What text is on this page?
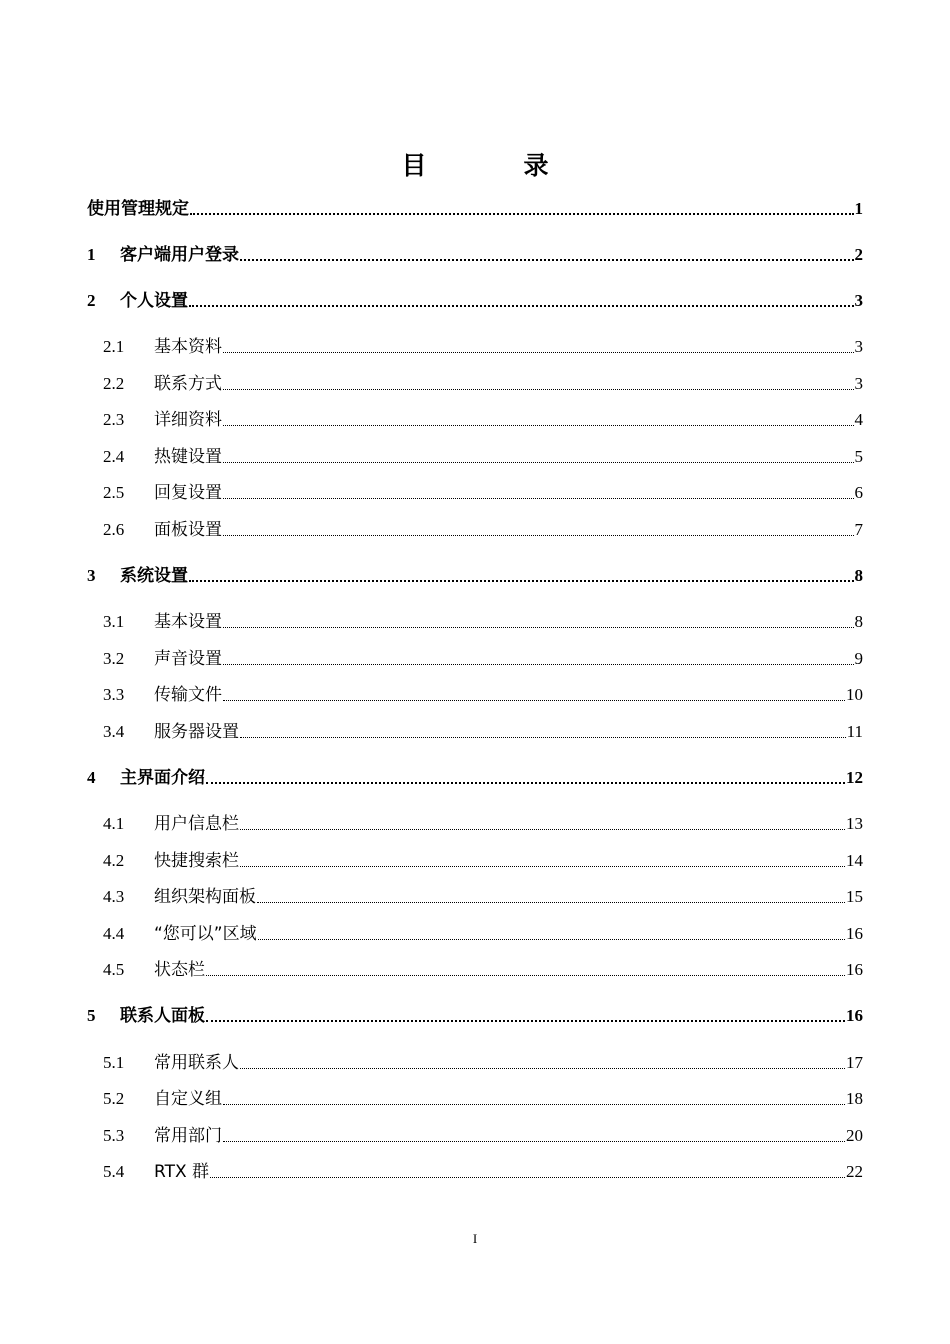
目　录
使用管理规定	1
1	客户端用户登录	2
2	个人设置	3
2.1	基本资料	3
2.2	联系方式	3
2.3	详细资料	4
2.4	热键设置	5
2.5	回复设置	6
2.6	面板设置	7
3	系统设置	8
3.1	基本设置	8
3.2	声音设置	9
3.3	传输文件	10
3.4	服务器设置	11
4	主界面介绍	12
4.1	用户信息栏	13
4.2	快捷搜索栏	14
4.3	组织架构面板	15
4.4	“您可以”区域	16
4.5	状态栏	16
5	联系人面板	16
5.1	常用联系人	17
5.2	自定义组	18
5.3	常用部门	20
5.4	RTX 群	22
I
